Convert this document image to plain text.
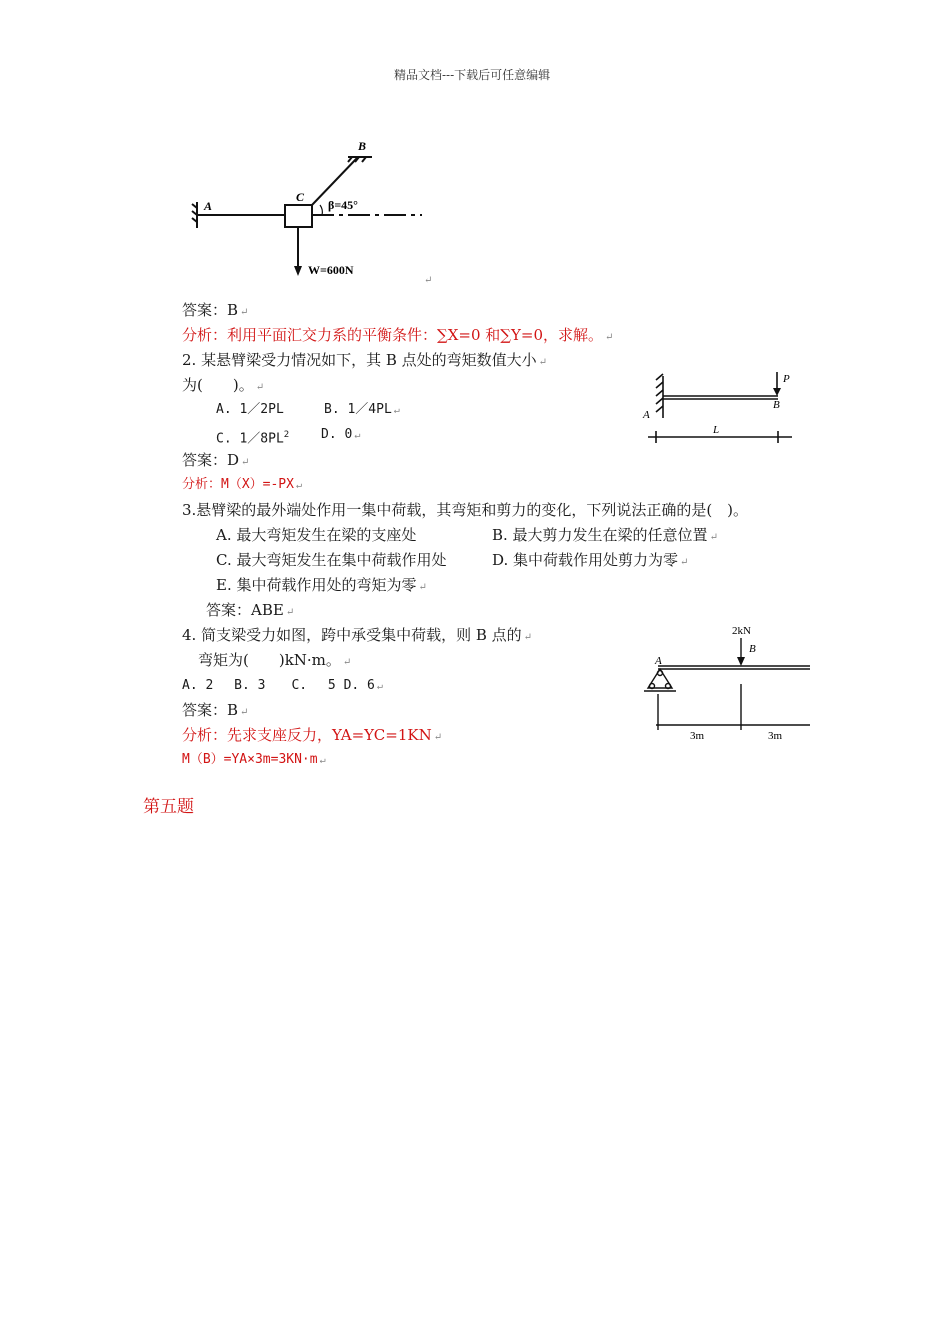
精品文档---下载后可任意编辑
A
B
C
β=45°
W=600N
↵
答案：B ↵
分析：利用平面汇交力系的平衡条件：∑X=0 和∑Y=0，求解。 ↵
2. 某悬臂梁受力情况如下，其 B 点处的弯矩数值大小 ↵
为(　　)。 ↵
A. 1／2PL	B. 1／4PL ↵
C. $1/8PL^2$ D. 0 ↵
答案：D ↵
分析：M（X）=-PX ↵
P
B
A
L
3.悬臂梁的最外端处作用一集中荷载，其弯矩和剪力的变化，下列说法正确的是(　)。
A. 最大弯矩发生在梁的支座处	B. 最大剪力发生在梁的任意位置 ↵
C. 最大弯矩发生在集中荷载作用处	D. 集中荷载作用处剪力为零 ↵
E. 集中荷载作用处的弯矩为零 ↵
答案：ABE ↵
4. 简支梁受力如图，跨中承受集中荷载，则 B 点的 ↵
弯矩为(　　)kN·m。 ↵
A. 2　 B. 3　　C. 　5 D. 6 ↵
答案：B ↵
分析：先求支座反力，YA=YC=1KN ↵
M（B）=YA×3m=3KN·m ↵
2kN
B
A
3m	3m
第五题
